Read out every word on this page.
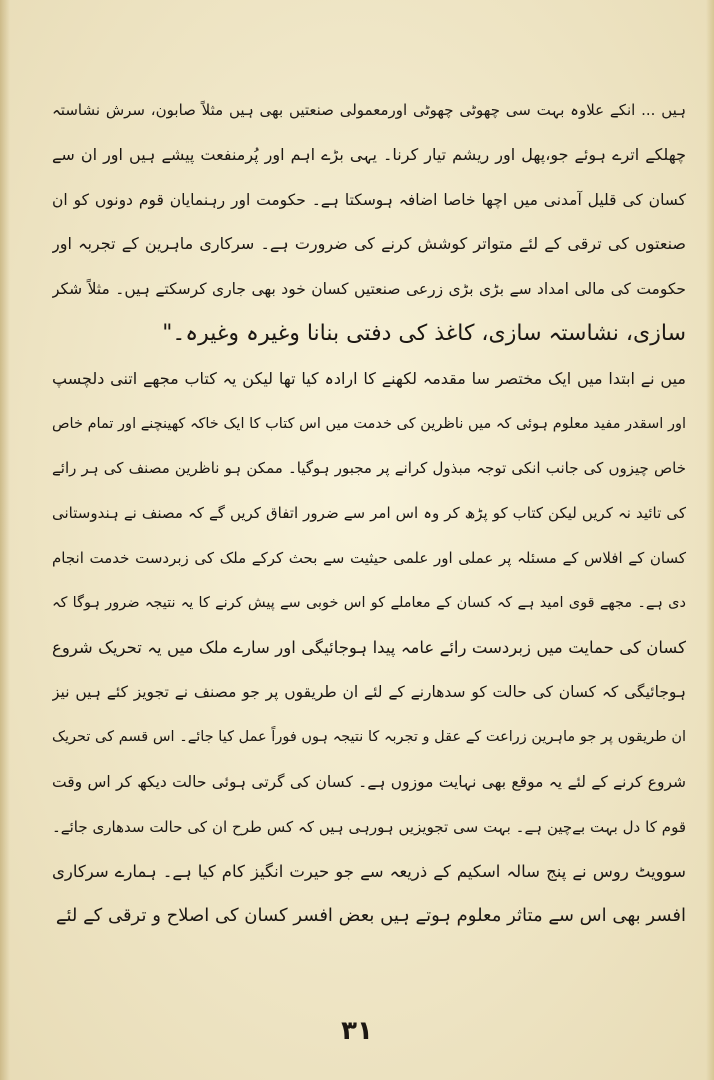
ہیں ... انکے علاوہ بہت سی چھوٹی چھوٹی اورمعمولی صنعتیں بھی ہیں مثلاً صابون، سرش نشاستہ
چھلکے اترے ہوئے جو،پھل اور ریشم تیار کرنا۔ یہی بڑے اہم اور پُرمنفعت پیشے ہیں اور ان سے
کسان کی قلیل آمدنی میں اچھا خاصا اضافہ ہوسکتا ہے۔ حکومت اور رہنمایان قوم دونوں کو ان
صنعتوں کی ترقی کے لئے متواتر کوشش کرنے کی ضرورت ہے۔ سرکاری ماہرین کے تجربہ اور
حکومت کی مالی امداد سے بڑی بڑی زرعی صنعتیں کسان خود بھی جاری کرسکتے ہیں۔ مثلاً شکر
سازی، نشاستہ سازی، کاغذ کی دفتی بنانا وغیرہ وغیرہ۔"
میں نے ابتدا میں ایک مختصر سا مقدمہ لکھنے کا ارادہ کیا تھا لیکن یہ کتاب مجھے اتنی دلچسپ
اور اسقدر مفید معلوم ہوئی کہ میں ناظرین کی خدمت میں اس کتاب کا ایک خاکہ کھینچنے اور تمام خاص
خاص چیزوں کی جانب انکی توجہ مبذول کرانے پر مجبور ہوگیا۔ ممکن ہو ناظرین مصنف کی ہر رائے
کی تائید نہ کریں لیکن کتاب کو پڑھ کر وہ اس امر سے ضرور اتفاق کریں گے کہ مصنف نے ہندوستانی
کسان کے افلاس کے مسئلہ پر عملی اور علمی حیثیت سے بحث کرکے ملک کی زبردست خدمت انجام
دی ہے۔ مجھے قوی امید ہے کہ کسان کے معاملے کو اس خوبی سے پیش کرنے کا یہ نتیجہ ضرور ہوگا کہ
کسان کی حمایت میں زبردست رائے عامہ پیدا ہوجائیگی اور سارے ملک میں یہ تحریک شروع
ہوجائیگی کہ کسان کی حالت کو سدھارنے کے لئے ان طریقوں پر جو مصنف نے تجویز کئے ہیں نیز
ان طریقوں پر جو ماہرین زراعت کے عقل و تجربہ کا نتیجہ ہوں فوراً عمل کیا جائے۔ اس قسم کی تحریک
شروع کرنے کے لئے یہ موقع بھی نہایت موزوں ہے۔ کسان کی گرتی ہوئی حالت دیکھ کر اس وقت
قوم کا دل بہت بےچین ہے۔ بہت سی تجویزیں ہورہی ہیں کہ کس طرح ان کی حالت سدھاری جائے۔
سوویٹ روس نے پنج سالہ اسکیم کے ذریعہ سے جو حیرت انگیز کام کیا ہے۔ ہمارے سرکاری
افسر بھی اس سے متاثر معلوم ہوتے ہیں بعض افسر کسان کی اصلاح و ترقی کے لئے
۳۱
